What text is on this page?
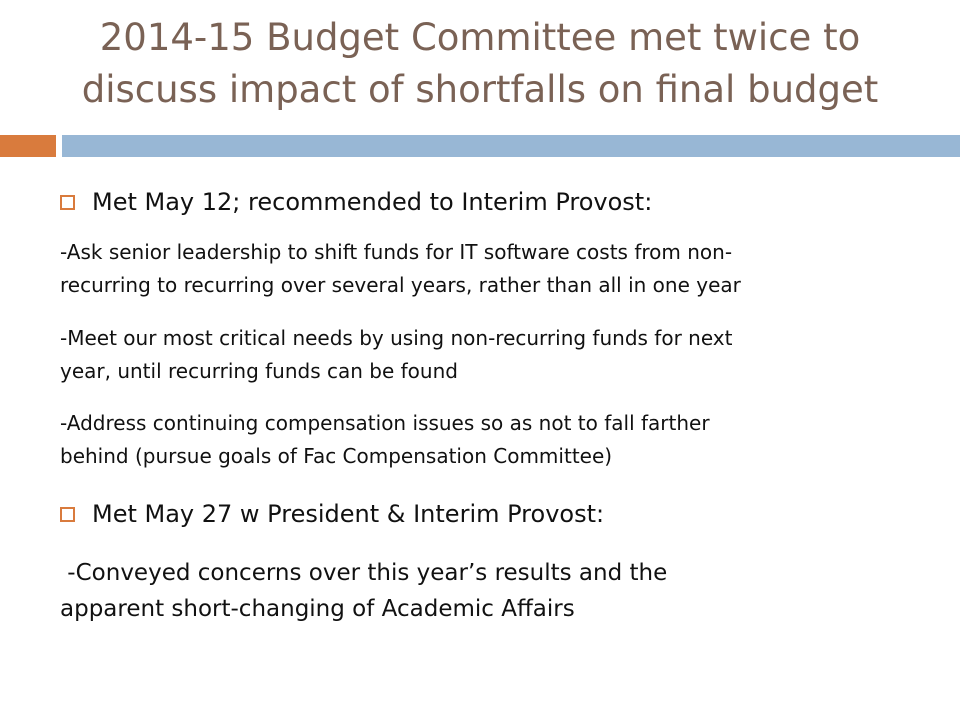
2014-15 Budget Committee met twice to
discuss impact of shortfalls on final budget
Met May 12; recommended to Interim Provost:
-Ask senior leadership to shift funds for IT software costs from non-
recurring to recurring over several years, rather than all in one year
-Meet our most critical needs by using non-recurring funds for next
year, until recurring funds can be found
-Address continuing compensation issues so as not to fall farther
behind (pursue goals of Fac Compensation Committee)
Met May 27 w President & Interim Provost:
-Conveyed concerns over this year’s results and the
apparent short-changing of Academic Affairs
